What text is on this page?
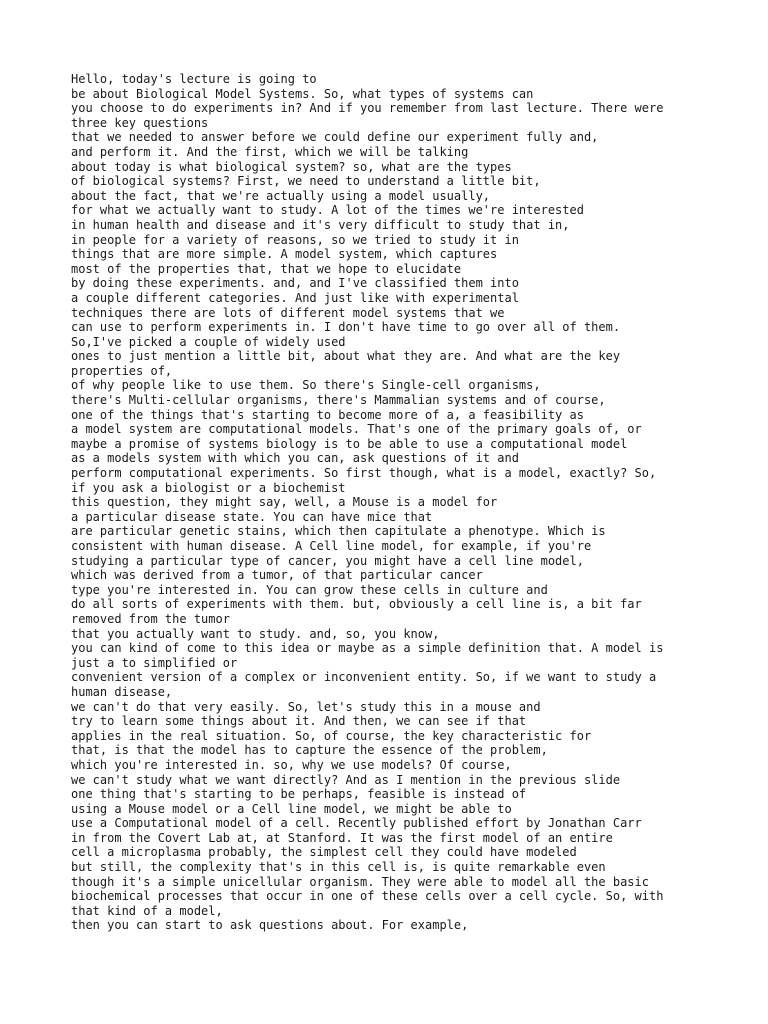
Hello, today's lecture is going to
be about Biological Model Systems. So, what types of systems can
you choose to do experiments in? And if you remember from last lecture. There were
three key questions
that we needed to answer before we could define our experiment fully and,
and perform it. And the first, which we will be talking
about today is what biological system? so, what are the types
of biological systems? First, we need to understand a little bit,
about the fact, that we're actually using a model usually,
for what we actually want to study. A lot of the times we're interested
in human health and disease and it's very difficult to study that in,
in people for a variety of reasons, so we tried to study it in
things that are more simple. A model system, which captures
most of the properties that, that we hope to elucidate
by doing these experiments. and, and I've classified them into
a couple different categories. And just like with experimental
techniques there are lots of different model systems that we
can use to perform experiments in. I don't have time to go over all of them.
So,I've picked a couple of widely used
ones to just mention a little bit, about what they are. And what are the key
properties of,
of why people like to use them. So there's Single-cell organisms,
there's Multi-cellular organisms, there's Mammalian systems and of course,
one of the things that's starting to become more of a, a feasibility as
a model system are computational models. That's one of the primary goals of, or
maybe a promise of systems biology is to be able to use a computational model
as a models system with which you can, ask questions of it and
perform computational experiments. So first though, what is a model, exactly? So,
if you ask a biologist or a biochemist
this question, they might say, well, a Mouse is a model for
a particular disease state. You can have mice that
are particular genetic stains, which then capitulate a phenotype. Which is
consistent with human disease. A Cell line model, for example, if you're
studying a particular type of cancer, you might have a cell line model,
which was derived from a tumor, of that particular cancer
type you're interested in. You can grow these cells in culture and
do all sorts of experiments with them. but, obviously a cell line is, a bit far
removed from the tumor
that you actually want to study. and, so, you know,
you can kind of come to this idea or maybe as a simple definition that. A model is
just a to simplified or
convenient version of a complex or inconvenient entity. So, if we want to study a
human disease,
we can't do that very easily. So, let's study this in a mouse and
try to learn some things about it. And then, we can see if that
applies in the real situation. So, of course, the key characteristic for
that, is that the model has to capture the essence of the problem,
which you're interested in. so, why we use models? Of course,
we can't study what we want directly? And as I mention in the previous slide
one thing that's starting to be perhaps, feasible is instead of
using a Mouse model or a Cell line model, we might be able to
use a Computational model of a cell. Recently published effort by Jonathan Carr
in from the Covert Lab at, at Stanford. It was the first model of an entire
cell a microplasma probably, the simplest cell they could have modeled
but still, the complexity that's in this cell is, is quite remarkable even
though it's a simple unicellular organism. They were able to model all the basic
biochemical processes that occur in one of these cells over a cell cycle. So, with
that kind of a model,
then you can start to ask questions about. For example,
